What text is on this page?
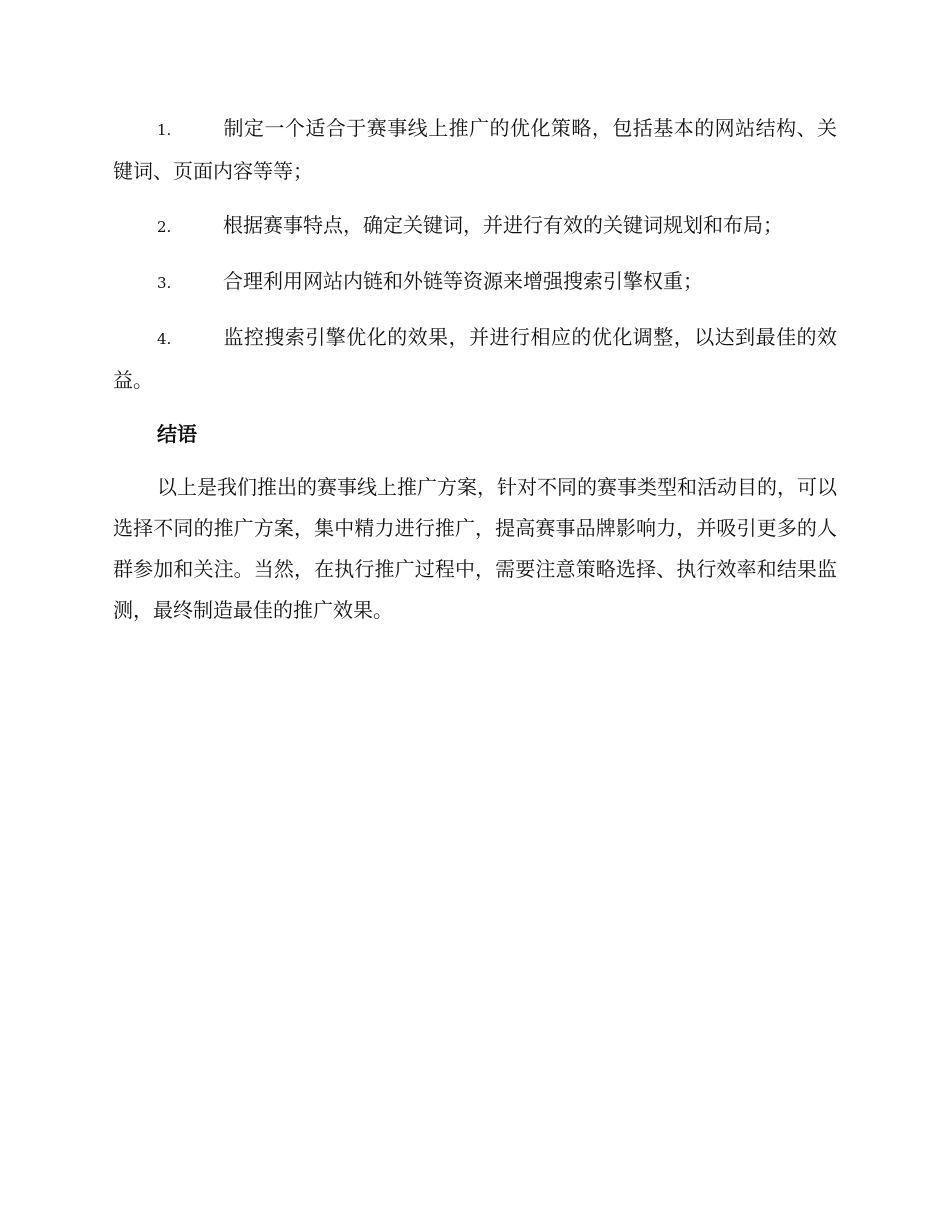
1.	制定一个适合于赛事线上推广的优化策略，包括基本的网站结构、关键词、页面内容等等；
2.	根据赛事特点，确定关键词，并进行有效的关键词规划和布局；
3.	合理利用网站内链和外链等资源来增强搜索引擎权重；
4.	监控搜索引擎优化的效果，并进行相应的优化调整，以达到最佳的效益。
结语

以上是我们推出的赛事线上推广方案，针对不同的赛事类型和活动目的，可以选择不同的推广方案，集中精力进行推广，提高赛事品牌影响力，并吸引更多的人群参加和关注。当然，在执行推广过程中，需要注意策略选择、执行效率和结果监测，最终制造最佳的推广效果。
